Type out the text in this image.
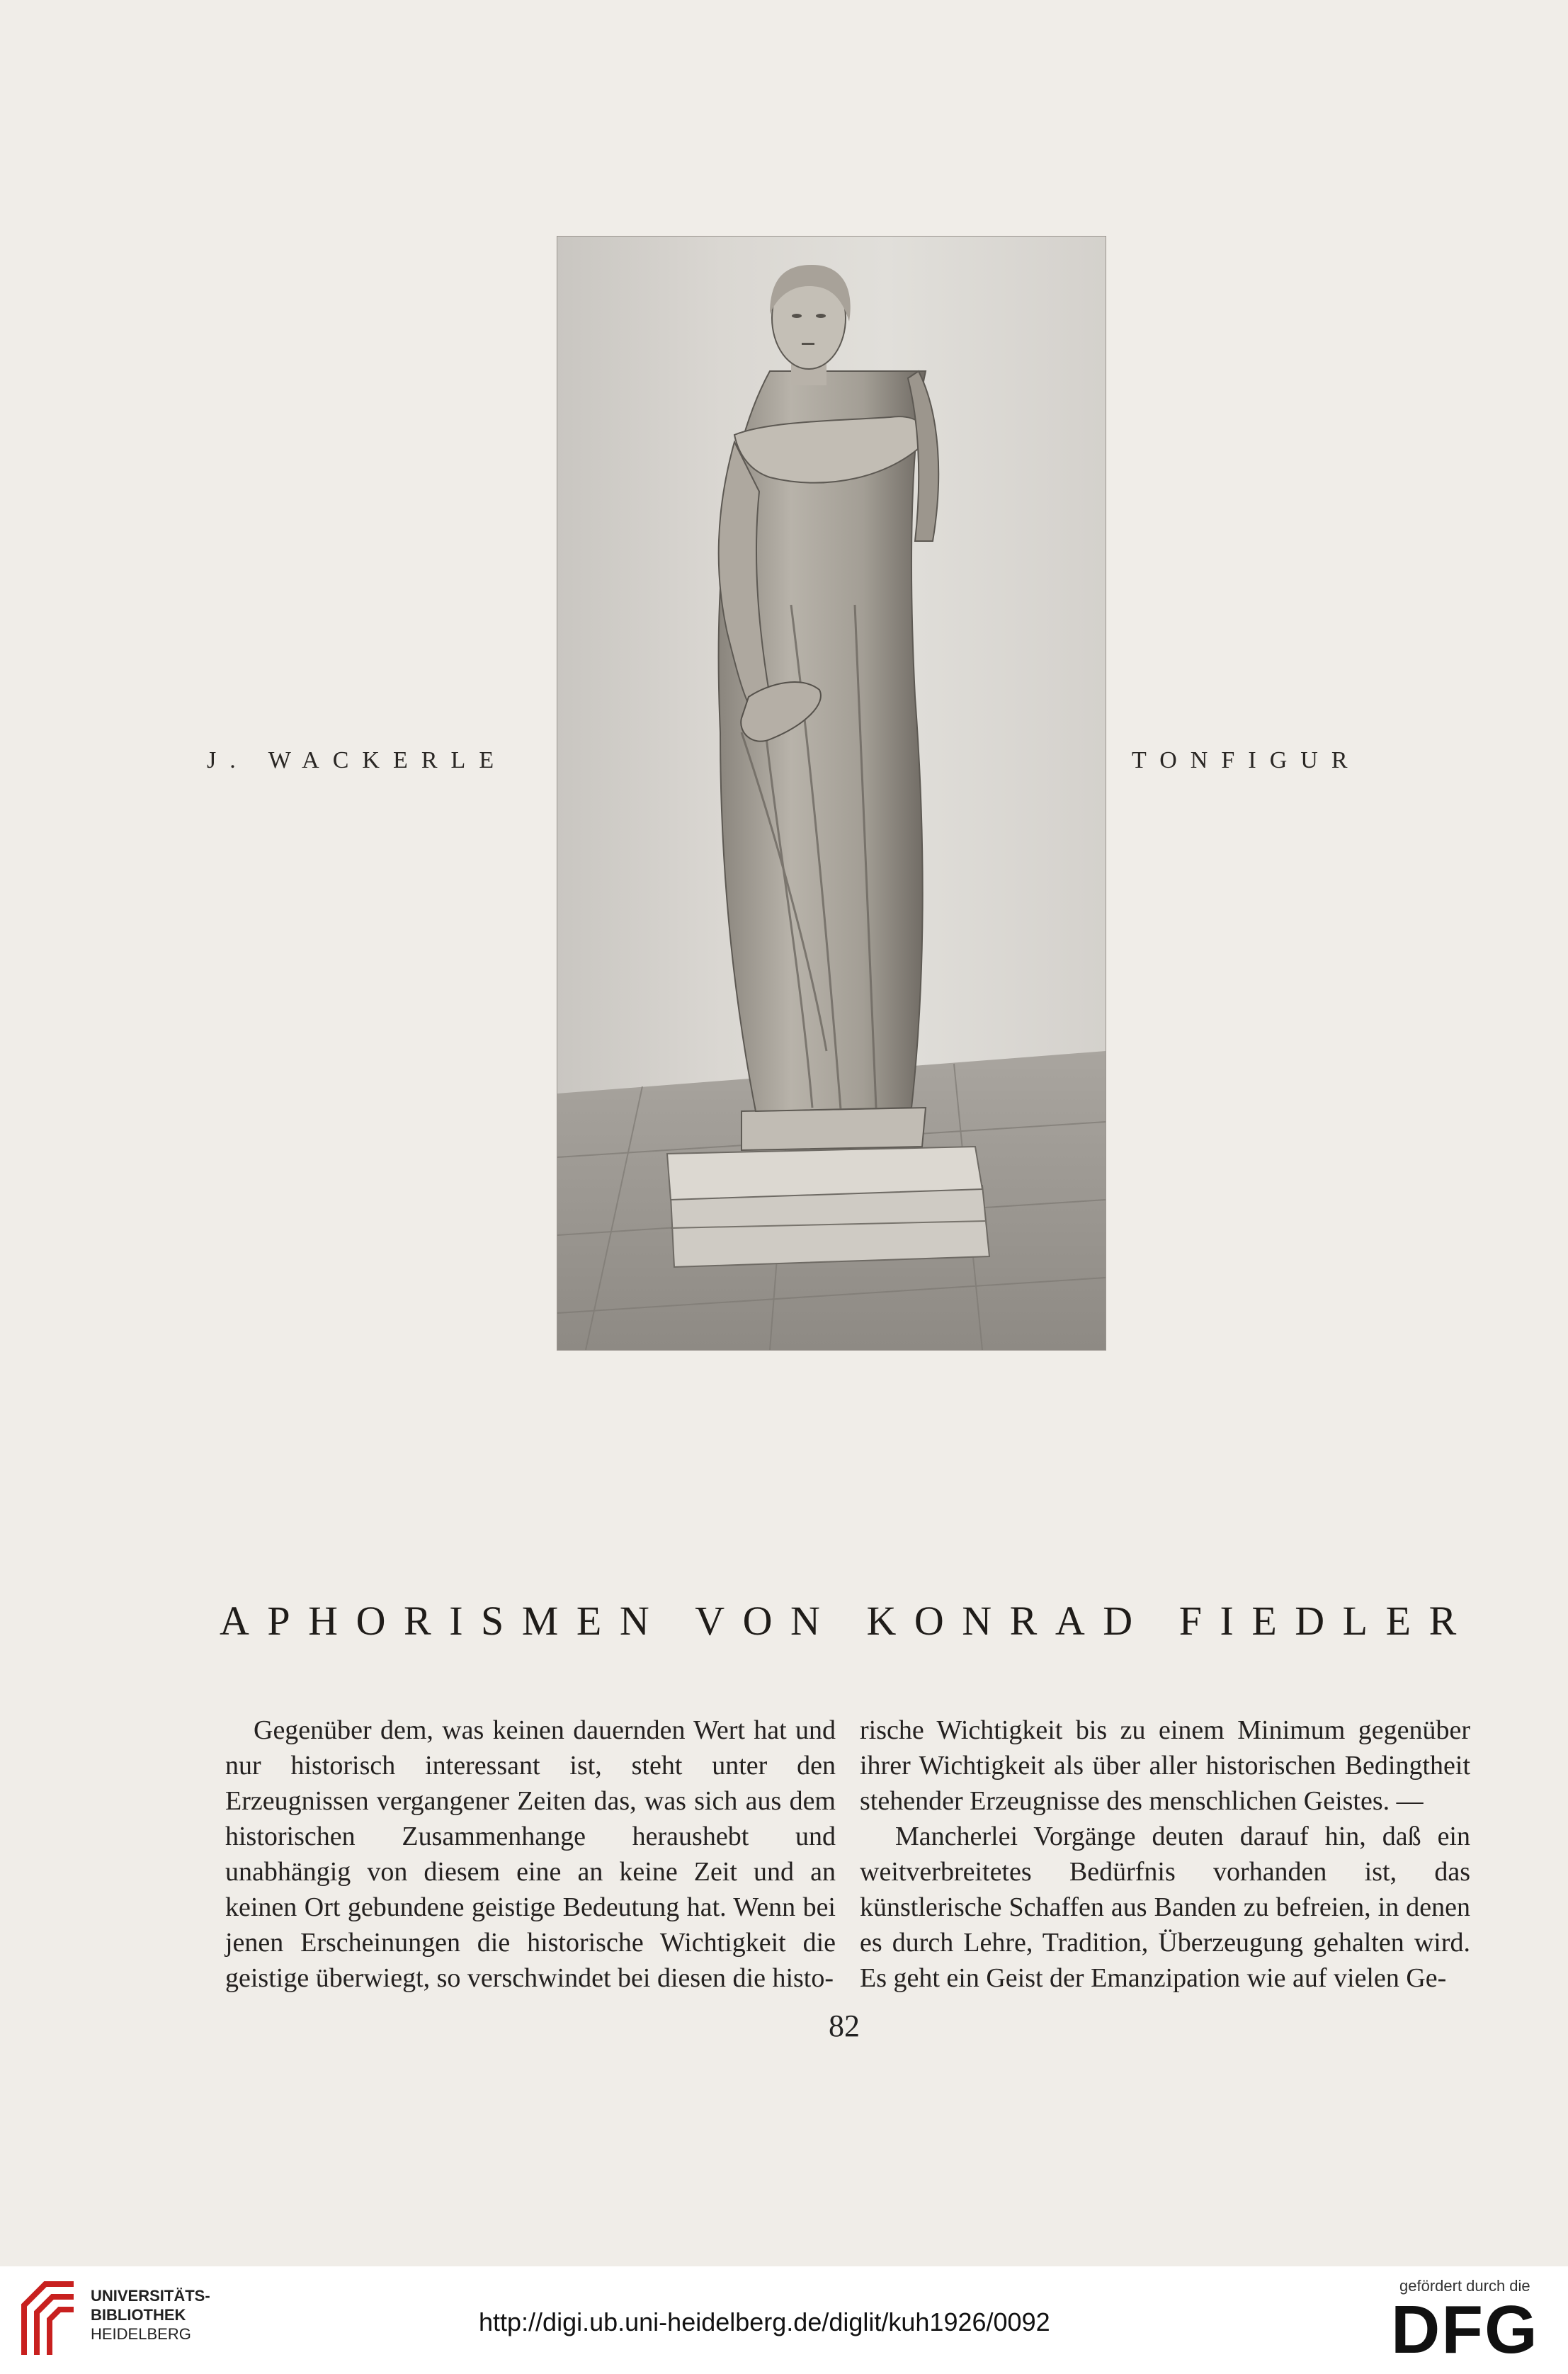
J. WACKERLE	TONFIGUR
APHORISMEN VON KONRAD FIEDLER

Gegenüber dem, was keinen dauernden Wert hat und nur historisch interessant ist, steht unter den Erzeugnissen vergangener Zeiten das, was sich aus dem historischen Zusammenhange heraushebt und unabhängig von diesem eine an keine Zeit und an keinen Ort gebundene geistige Bedeutung hat. Wenn bei jenen Erscheinungen die historische Wichtigkeit die geistige überwiegt, so verschwindet bei diesen die histo-

rische Wichtigkeit bis zu einem Minimum gegenüber ihrer Wichtigkeit als über aller historischen Bedingtheit stehender Erzeugnisse des menschlichen Geistes. —

Mancherlei Vorgänge deuten darauf hin, daß ein weitverbreitetes Bedürfnis vorhanden ist, das künstlerische Schaffen aus Banden zu befreien, in denen es durch Lehre, Tradition, Überzeugung gehalten wird. Es geht ein Geist der Emanzipation wie auf vielen Ge-

82
UNIVERSITÄTS-
BIBLIOTHEK
HEIDELBERG	http://digi.ub.uni-heidelberg.de/diglit/kuh1926/0092
gefördert durch die
DFG
